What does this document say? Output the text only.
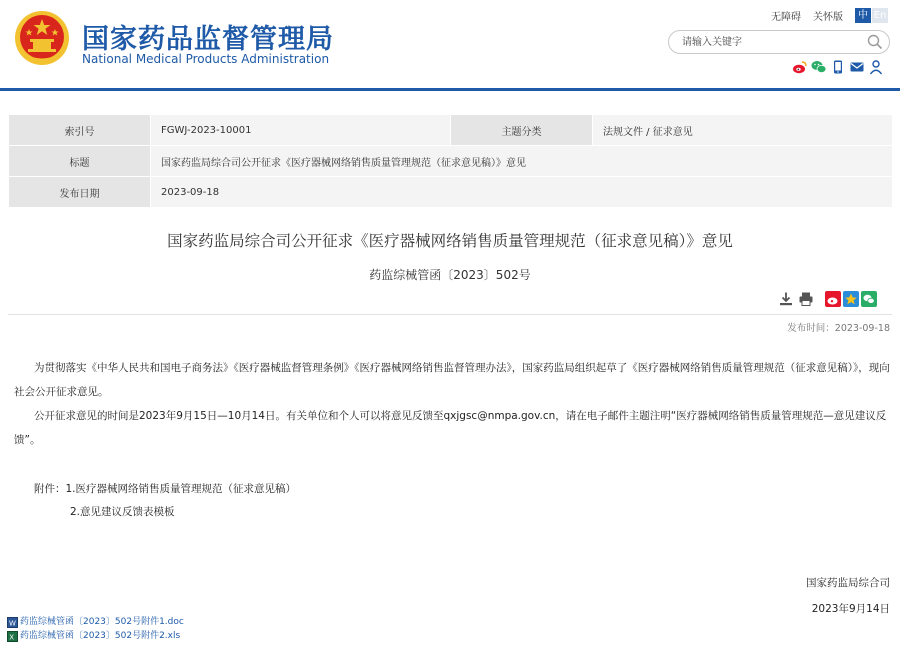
国家药品监督管理局
National Medical Products Administration
无障碍 关怀版	中 En
请输入关键字
索引号	FGWJ-2023-10001	主题分类	法规文件 / 征求意见
标题	国家药监局综合司公开征求《医疗器械网络销售质量管理规范（征求意见稿）》意见		
发布日期	2023-09-18		
国家药监局综合司公开征求《医疗器械网络销售质量管理规范（征求意见稿）》意见
药监综械管函〔2023〕502号
发布时间：2023-09-18

为贯彻落实《中华人民共和国电子商务法》《医疗器械监督管理条例》《医疗器械网络销售监督管理办法》，国家药监局组织起草了《医疗器械网络销售质量管理规范（征求意见稿）》，现向社会公开征求意见。

公开征求意见的时间是2023年9月15日—10月14日。有关单位和个人可以将意见反馈至qxjgsc@nmpa.gov.cn，请在电子邮件主题注明“医疗器械网络销售质量管理规范—意见建议反馈”。

附件：1.医疗器械网络销售质量管理规范（征求意见稿）
2.意见建议反馈表模板
国家药监局综合司
2023年9月14日
W 药监综械管函〔2023〕502号附件1.doc
X 药监综械管函〔2023〕502号附件2.xls
